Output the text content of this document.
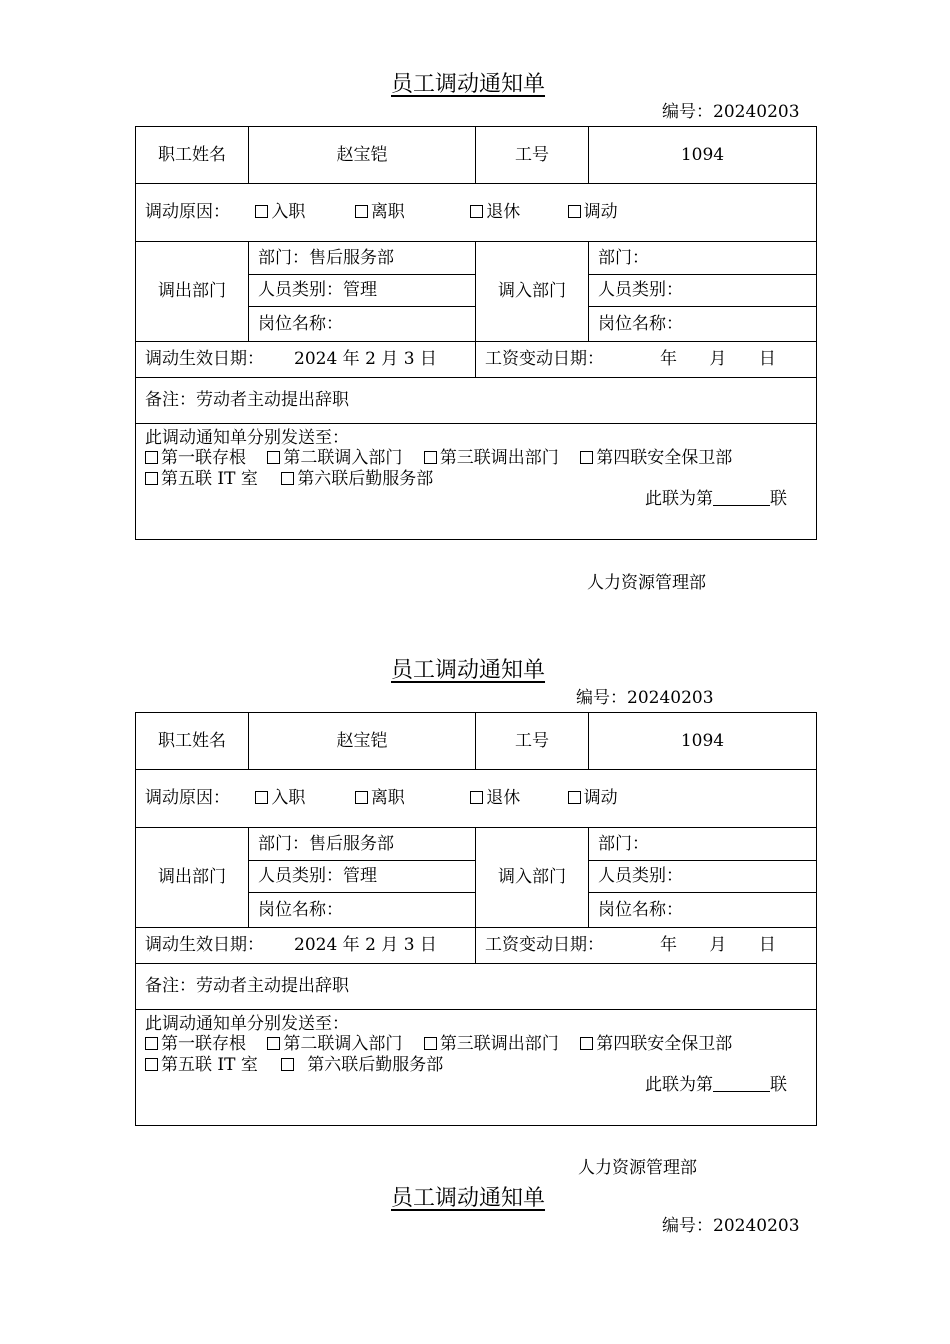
员工调动通知单
编号：20240203
职工姓名	赵宝铠	工号	1094
调动原因： 入职 离职 退休 调动			
调出部门	部门：售后服务部	调入部门	部门：
	人员类别：管理		人员类别：
	岗位名称：		岗位名称：
调动生效日期： 2024 年 2 月 3 日		工资变动日期： 年      月      日	
备注：劳动者主动提出辞职			

此调动通知单分别发送至：
第一联存根 第二联调入部门 第三联调出部门 第四联安全保卫部
第五联 IT 室 第六联后勤服务部
此联为第 联			
人力资源管理部
员工调动通知单
编号：20240203
职工姓名	赵宝铠	工号	1094
调动原因： 入职 离职 退休 调动			
调出部门	部门：售后服务部	调入部门	部门：
	人员类别：管理		人员类别：
	岗位名称：		岗位名称：
调动生效日期： 2024 年 2 月 3 日		工资变动日期： 年      月      日	
备注：劳动者主动提出辞职			

此调动通知单分别发送至：
第一联存根 第二联调入部门 第三联调出部门 第四联安全保卫部
第五联 IT 室 第六联后勤服务部
此联为第 联			
人力资源管理部
员工调动通知单
编号：20240203
